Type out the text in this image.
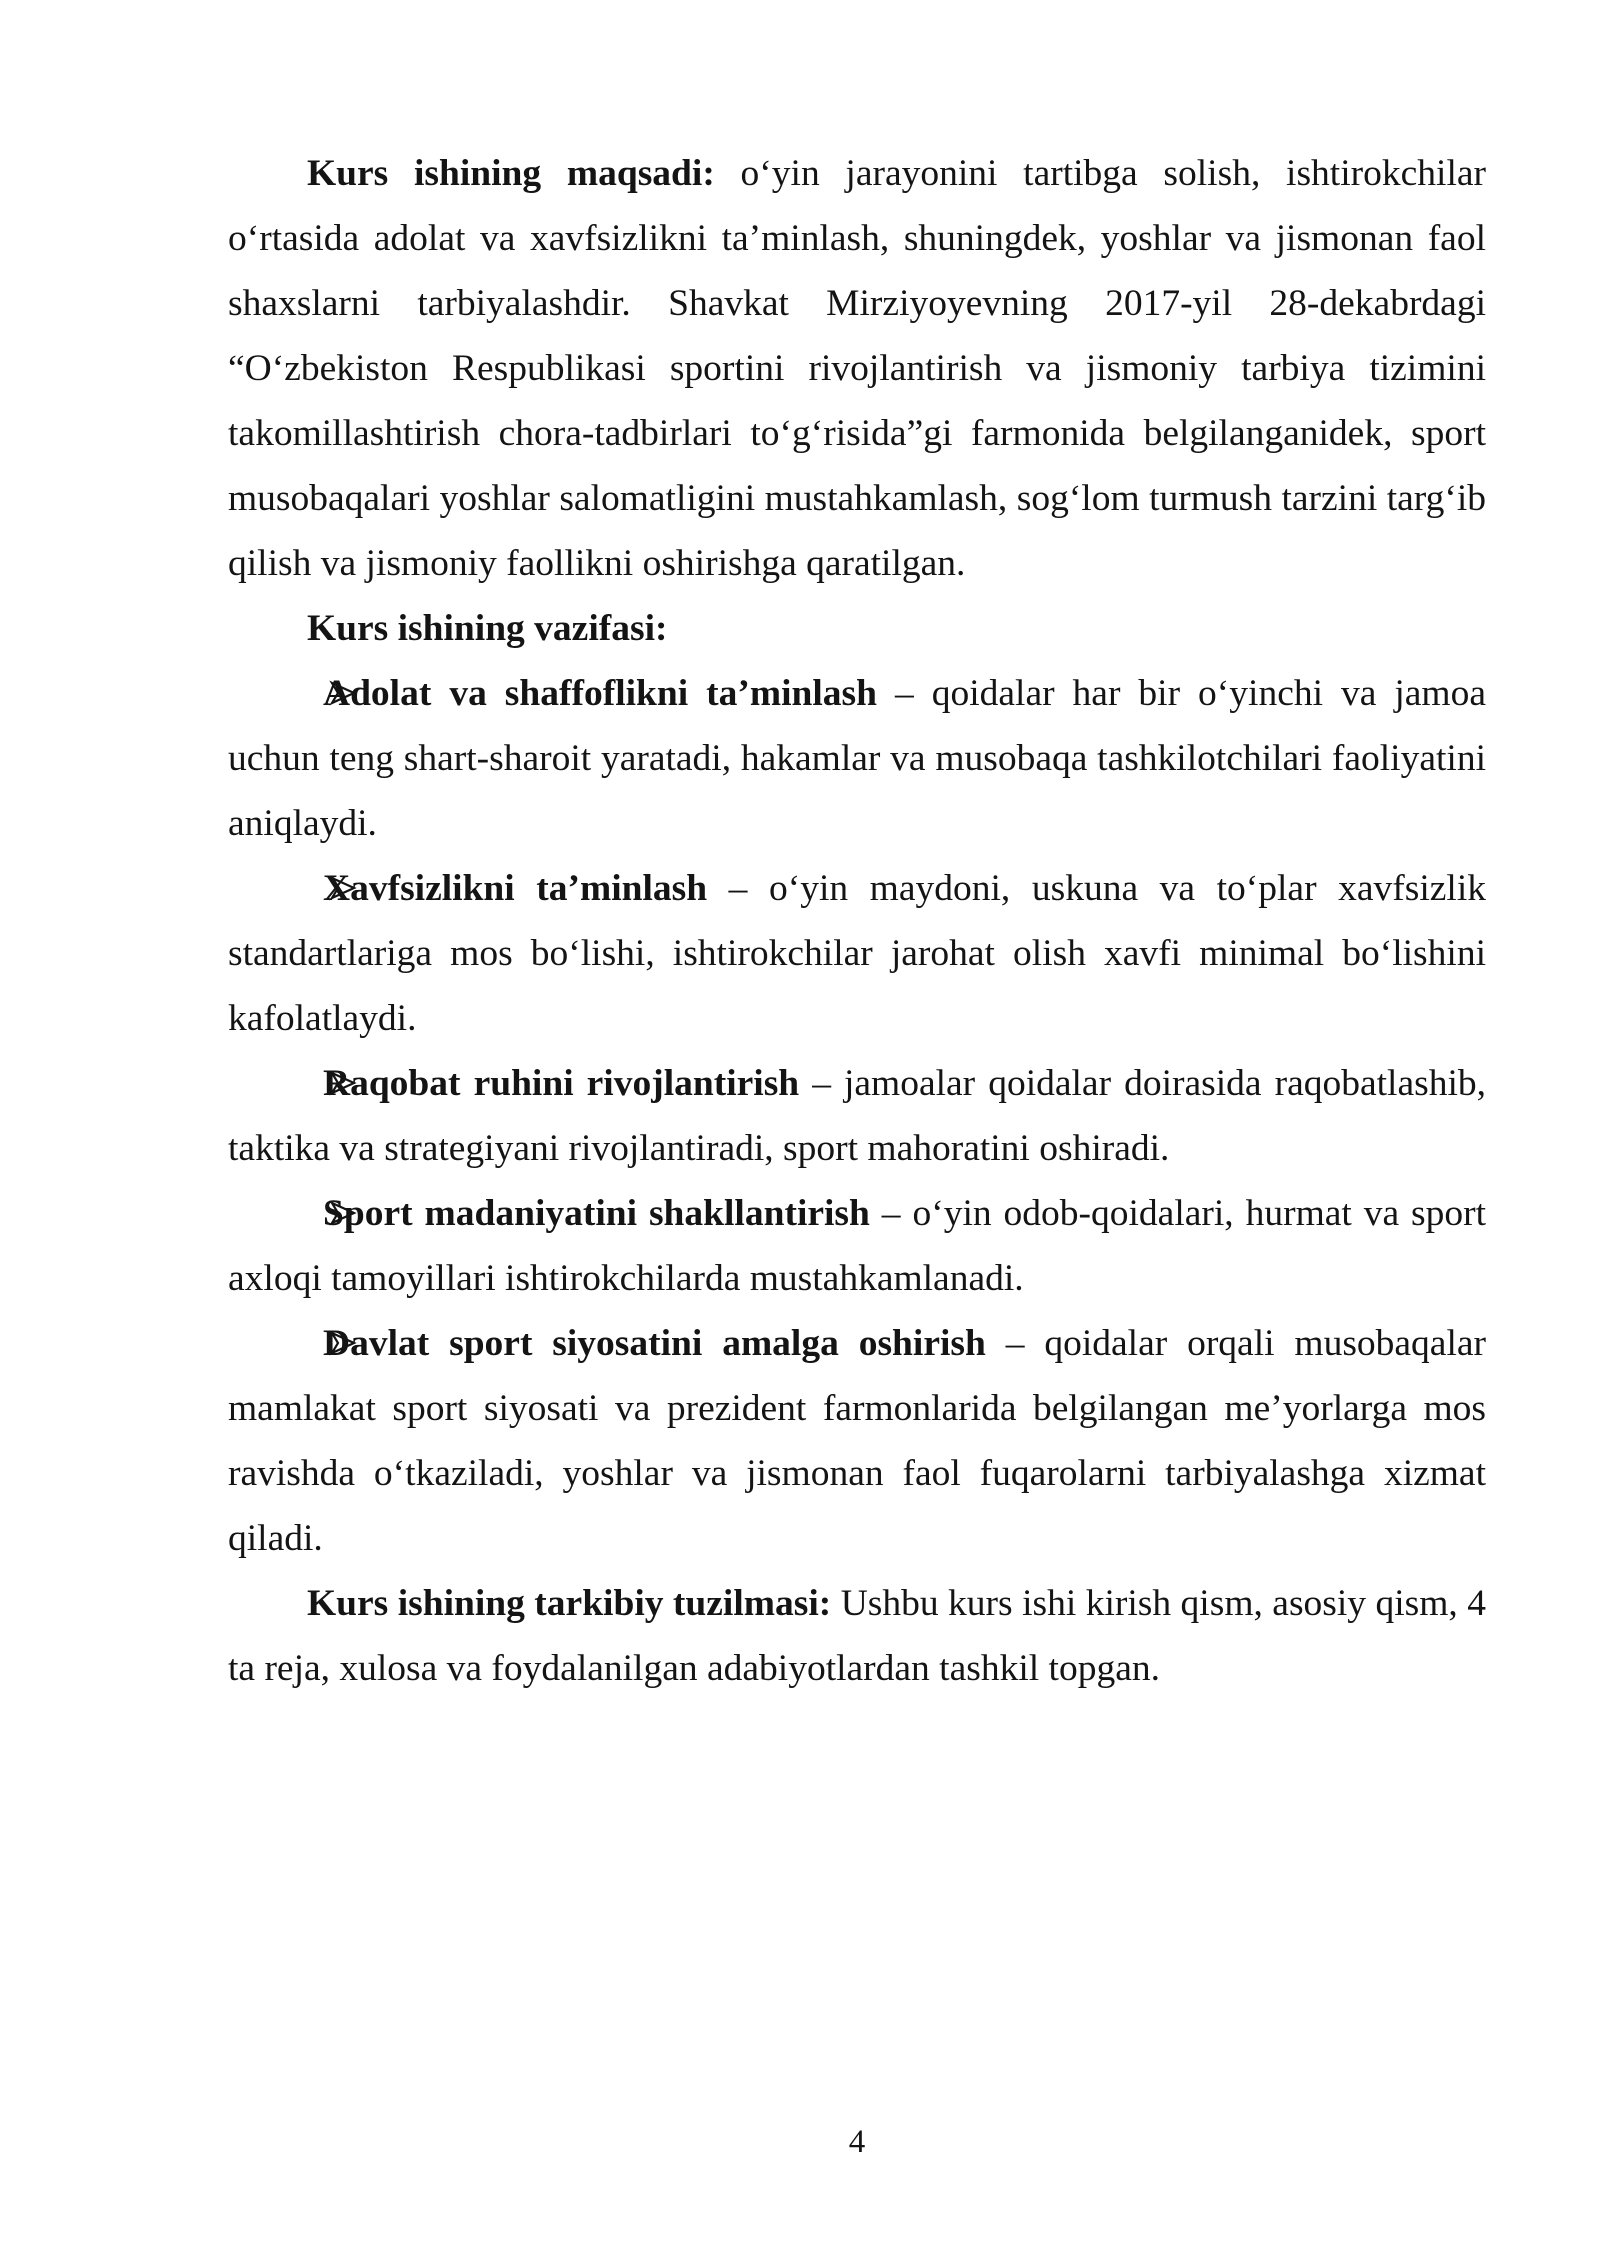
Kurs ishining maqsadi: o‘yin jarayonini tartibga solish, ishtirokchilar o‘rtasida adolat va xavfsizlikni ta’minlash, shuningdek, yoshlar va jismonan faol shaxslarni tarbiyalashdir. Shavkat Mirziyoyevning 2017-yil 28-dekabrdagi “O‘zbekiston Respublikasi sportini rivojlantirish va jismoniy tarbiya tizimini takomillashtirish chora-tadbirlari to‘g‘risida”gi farmonida belgilanganidek, sport musobaqalari yoshlar salomatligini mustahkamlash, sog‘lom turmush tarzini targ‘ib qilish va jismoniy faollikni oshirishga qaratilgan.

Kurs ishining vazifasi:

Adolat va shaffoflikni ta’minlash – qoidalar har bir o‘yinchi va jamoa uchun teng shart-sharoit yaratadi, hakamlar va musobaqa tashkilotchilari faoliyatini aniqlaydi.

Xavfsizlikni ta’minlash – o‘yin maydoni, uskuna va to‘plar xavfsizlik standartlariga mos bo‘lishi, ishtirokchilar jarohat olish xavfi minimal bo‘lishini kafolatlaydi.

Raqobat ruhini rivojlantirish – jamoalar qoidalar doirasida raqobatlashib, taktika va strategiyani rivojlantiradi, sport mahoratini oshiradi.

Sport madaniyatini shakllantirish – o‘yin odob-qoidalari, hurmat va sport axloqi tamoyillari ishtirokchilarda mustahkamlanadi.

Davlat sport siyosatini amalga oshirish – qoidalar orqali musobaqalar mamlakat sport siyosati va prezident farmonlarida belgilangan me’yorlarga mos ravishda o‘tkaziladi, yoshlar va jismonan faol fuqarolarni tarbiyalashga xizmat qiladi.

Kurs ishining tarkibiy tuzilmasi: Ushbu kurs ishi kirish qism, asosiy qism, 4 ta reja, xulosa va foydalanilgan adabiyotlardan tashkil topgan.

4
